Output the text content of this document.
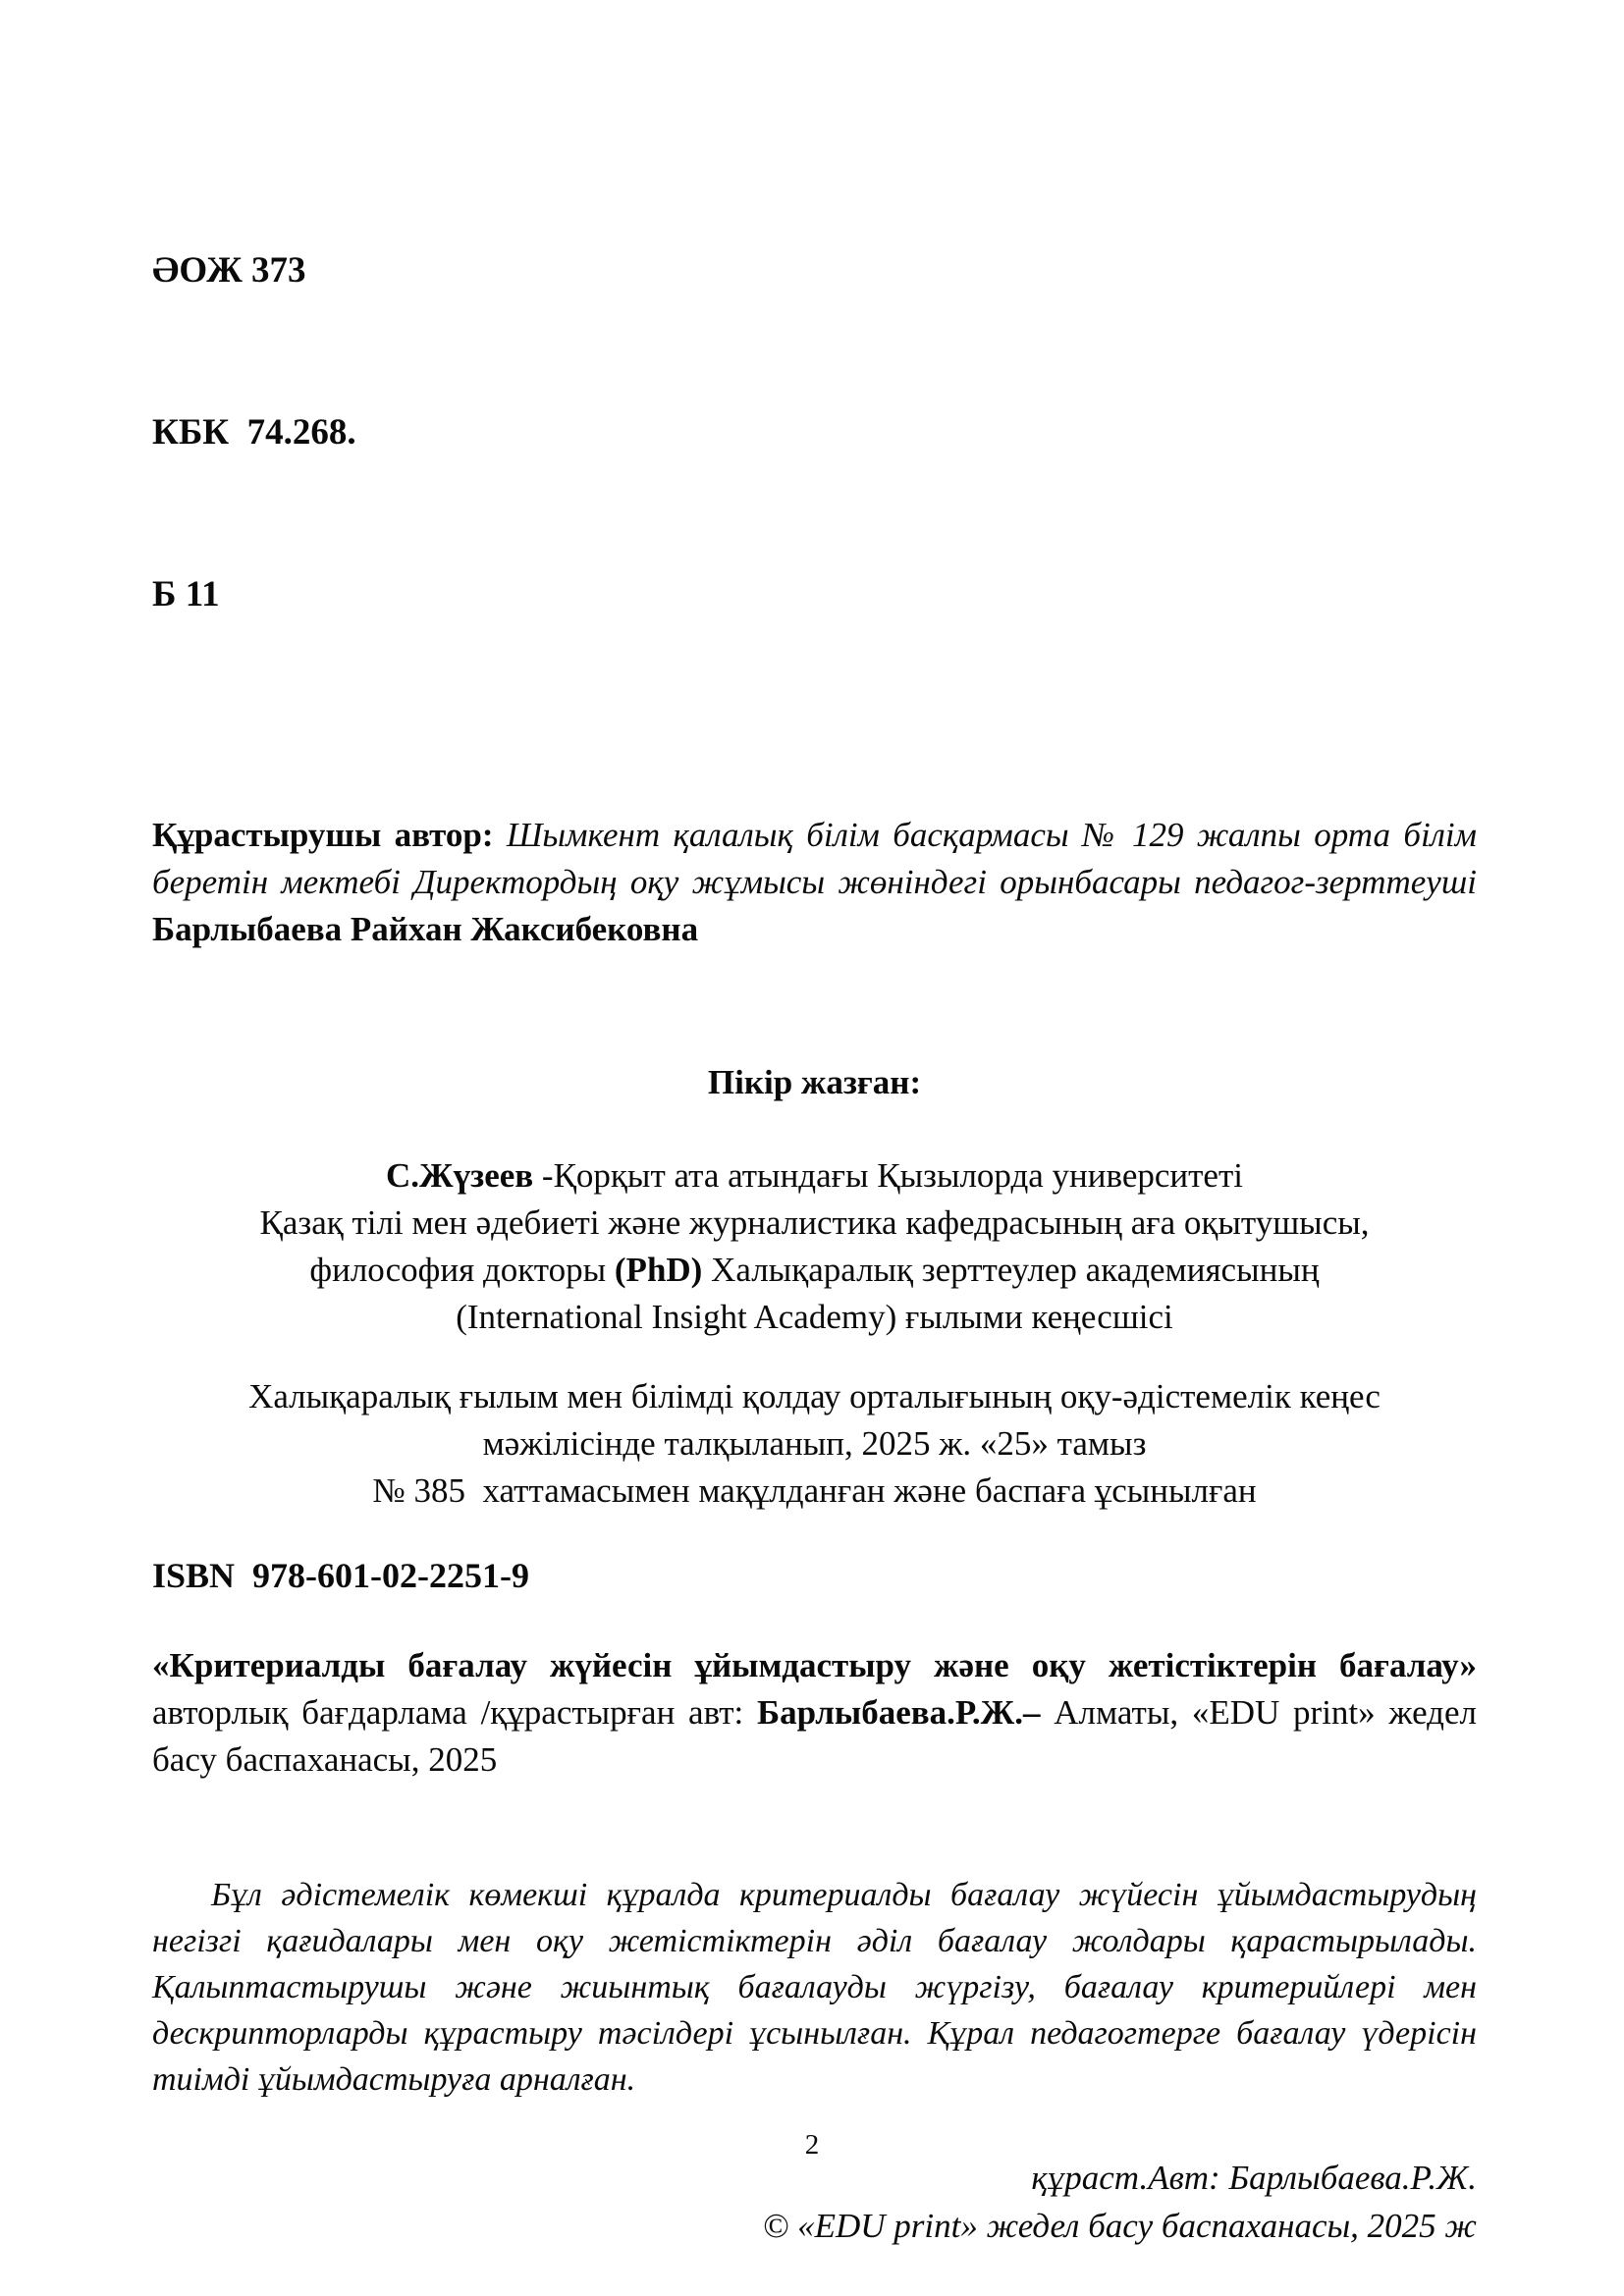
ӘОЖ 373

КБК  74.268.

Б 11

Құрастырушы автор: Шымкент қалалық білім басқармасы № 129 жалпы орта білім беретін мектебі Директордың оқу жұмысы жөніндегі орынбасары педагог-зерттеуші Барлыбаева Райхан Жаксибековна

Пікір жазған:

С.Жүзеев -Қорқыт ата атындағы Қызылорда университеті
Қазақ тілі мен әдебиеті және журналистика кафедрасының аға оқытушысы,
философия докторы (PhD) Халықаралық зерттеулер академиясының
(International Insight Academy) ғылыми кеңесшісі
Халықаралық ғылым мен білімді қолдау орталығының оқу-әдістемелік кеңес
мәжілісінде талқыланып, 2025 ж. «25» тамыз
№ 385  хаттамасымен мақұлданған және баспаға ұсынылған

ISBN  978-601-02-2251-9

«Критериалды бағалау жүйесін ұйымдастыру және оқу жетістіктерін бағалау» авторлық бағдарлама /құрастырған авт: Барлыбаева.Р.Ж.– Алматы, «EDU print» жедел басу баспаханасы, 2025

Бұл әдістемелік көмекші құралда критериалды бағалау жүйесін ұйымдастырудың негізгі қағидалары мен оқу жетістіктерін әділ бағалау жолдары қарастырылады. Қалыптастырушы және жиынтық бағалауды жүргізу, бағалау критерийлері мен дескрипторларды құрастыру тәсілдері ұсынылған. Құрал педагогтерге бағалау үдерісін тиімді ұйымдастыруға арналған.

құраст.Авт: Барлыбаева.Р.Ж.
© «EDU print» жедел басу баспаханасы, 2025 ж
2
